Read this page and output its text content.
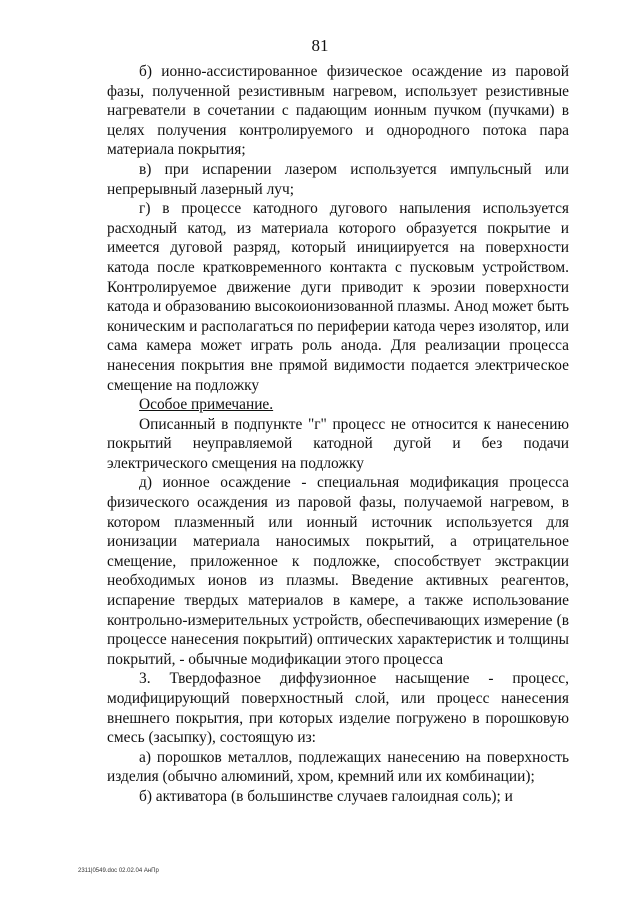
81

б) ионно-ассистированное физическое осаждение из паровой фазы, полученной резистивным нагревом, использует резистивные нагреватели в сочетании с падающим ионным пучком (пучками) в целях получения контролируемого и однородного потока пара материала покрытия;

в) при испарении лазером используется импульсный или непрерывный лазерный луч;

г) в процессе катодного дугового напыления используется расходный катод, из материала которого образуется покрытие и имеется дуговой разряд, который инициируется на поверхности катода после кратковременного контакта с пусковым устройством. Контролируемое движение дуги приводит к эрозии поверхности катода и образованию высокоионизованной плазмы. Анод может быть коническим и располагаться по периферии катода через изолятор, или сама камера может играть роль анода. Для реализации процесса нанесения покрытия вне прямой видимости подается электрическое смещение на подложку

Особое примечание.

Описанный в подпункте "г" процесс не относится к нанесению покрытий неуправляемой катодной дугой и без подачи электрического смещения на подложку

д) ионное осаждение - специальная модификация процесса физического осаждения из паровой фазы, получаемой нагревом, в котором плазменный или ионный источник используется для ионизации материала наносимых покрытий, а отрицательное смещение, приложенное к подложке, способствует экстракции необходимых ионов из плазмы. Введение активных реагентов, испарение твердых материалов в камере, а также использование контрольно-измерительных устройств, обеспечивающих измерение (в процессе нанесения покрытий) оптических характеристик и толщины покрытий, - обычные модификации этого процесса

3. Твердофазное диффузионное насыщение - процесс, модифицирующий поверхностный слой, или процесс нанесения внешнего покрытия, при которых изделие погружено в порошковую смесь (засыпку), состоящую из:

а) порошков металлов, подлежащих нанесению на поверхность изделия (обычно алюминий, хром, кремний или их комбинации);

б) активатора (в большинстве случаев галоидная соль); и

2311|0549.doc 02.02.04 АнПр
